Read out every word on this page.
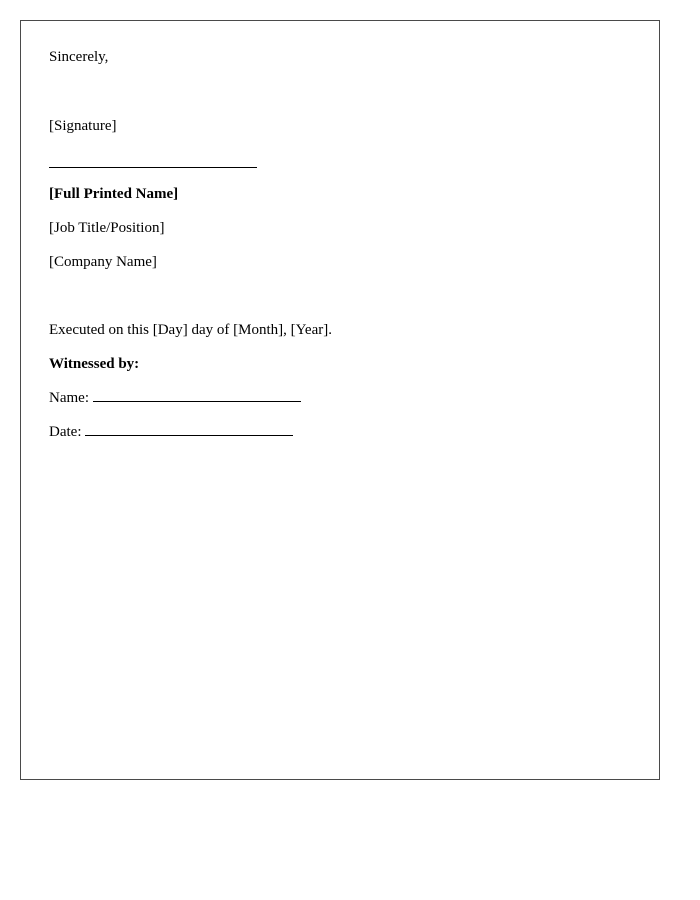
Sincerely,
[Signature]
[Full Printed Name]
[Job Title/Position]
[Company Name]
Executed on this [Day] day of [Month], [Year].
Witnessed by:
Name:
Date:
